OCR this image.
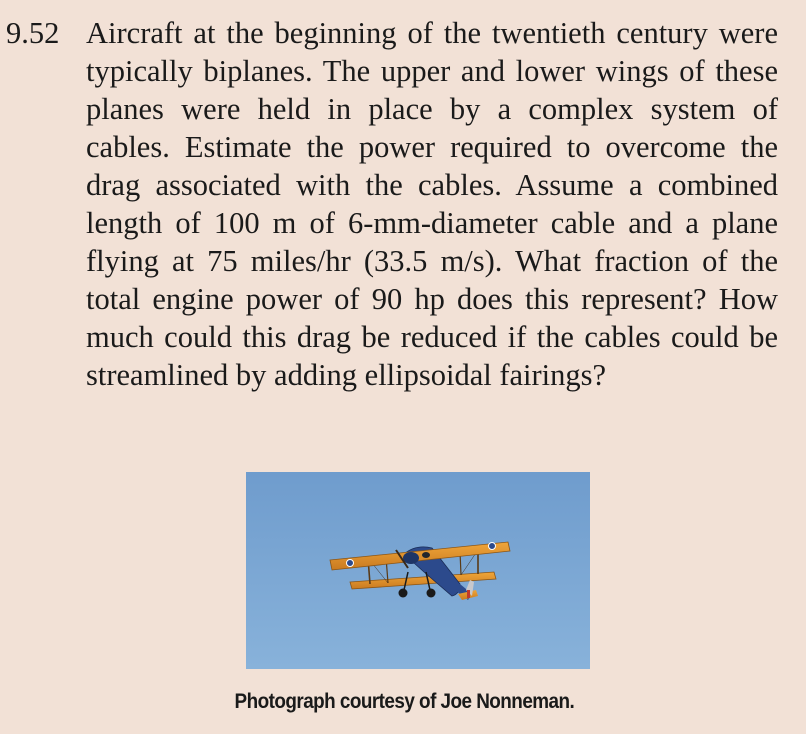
9.52 Aircraft at the beginning of the twentieth century were typically biplanes. The upper and lower wings of these planes were held in place by a complex system of cables. Estimate the power required to overcome the drag associated with the cables. Assume a combined length of 100 m of 6-mm-diameter cable and a plane flying at 75 miles/hr (33.5 m/s). What fraction of the total engine power of 90 hp does this represent? How much could this drag be reduced if the cables could be streamlined by adding ellipsoidal fairings?
Photograph courtesy of Joe Nonneman.
